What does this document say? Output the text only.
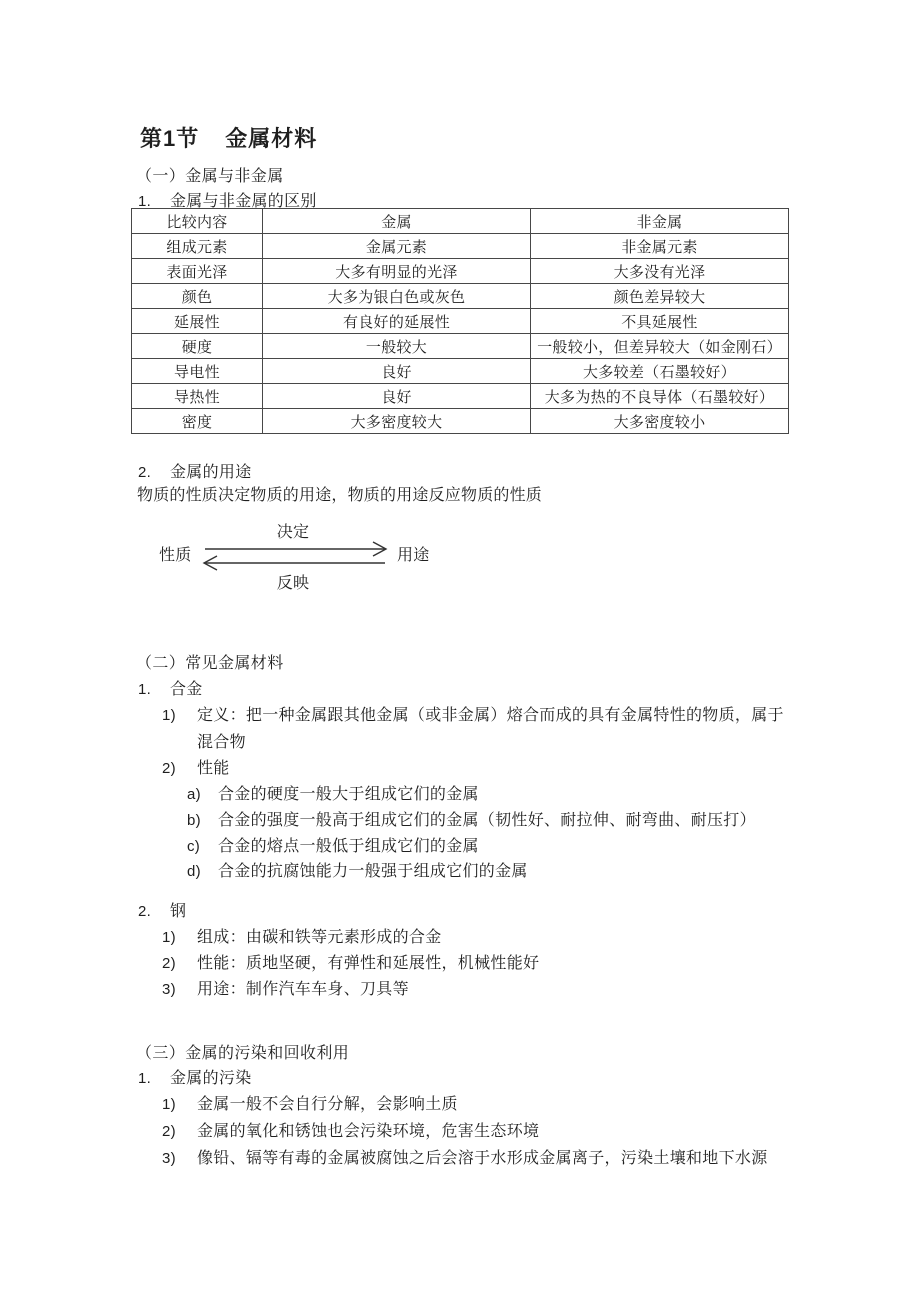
第1节 金属材料
（一）金属与非金属
1.	金属与非金属的区别
比较内容	金属	非金属
组成元素	金属元素	非金属元素
表面光泽	大多有明显的光泽	大多没有光泽
颜色	大多为银白色或灰色	颜色差异较大
延展性	有良好的延展性	不具延展性
硬度	一般较大	一般较小，但差异较大（如金刚石）
导电性	良好	大多较差（石墨较好）
导热性	良好	大多为热的不良导体（石墨较好）
密度	大多密度较大	大多密度较小
2.	金属的用途
物质的性质决定物质的用途，物质的用途反应物质的性质
性质
决定
反映
用途
（二）常见金属材料
1.	合金
1)	定义：把一种金属跟其他金属（或非金属）熔合而成的具有金属特性的物质，属于混合物
2)	性能
a)	合金的硬度一般大于组成它们的金属
b)	合金的强度一般高于组成它们的金属（韧性好、耐拉伸、耐弯曲、耐压打）
c)	合金的熔点一般低于组成它们的金属
d)	合金的抗腐蚀能力一般强于组成它们的金属
2.	钢
1)	组成：由碳和铁等元素形成的合金
2)	性能：质地坚硬，有弹性和延展性，机械性能好
3)	用途：制作汽车车身、刀具等
（三）金属的污染和回收利用
1.	金属的污染
1)	金属一般不会自行分解，会影响土质
2)	金属的氧化和锈蚀也会污染环境，危害生态环境
3)	像铅、镉等有毒的金属被腐蚀之后会溶于水形成金属离子，污染土壤和地下水源
